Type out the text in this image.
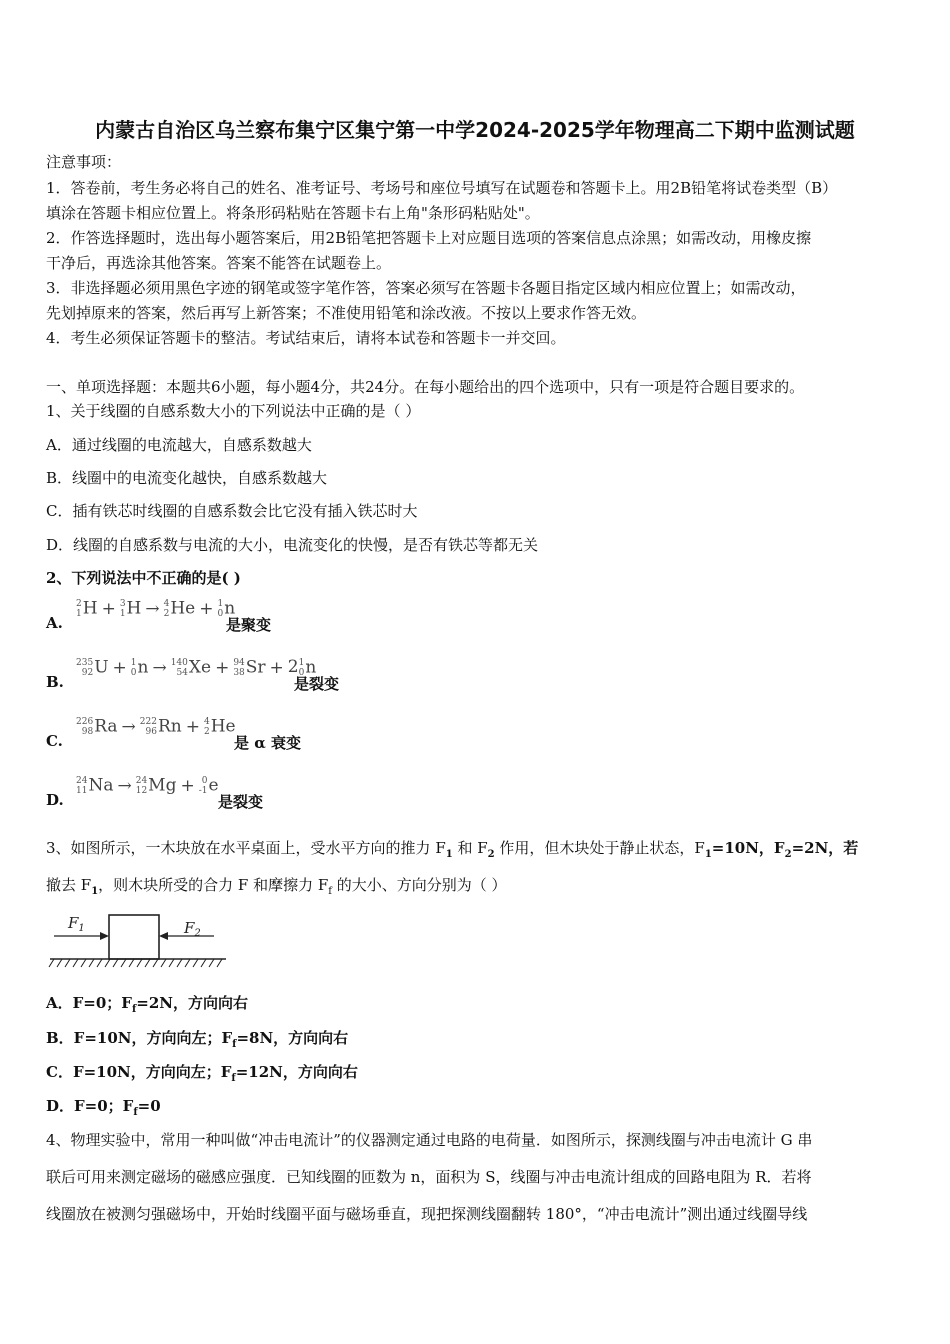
内蒙古自治区乌兰察布集宁区集宁第一中学2024-2025学年物理高二下期中监测试题
注意事项：
1．答卷前，考生务必将自己的姓名、准考证号、考场号和座位号填写在试题卷和答题卡上。用2B铅笔将试卷类型（B）
填涂在答题卡相应位置上。将条形码粘贴在答题卡右上角"条形码粘贴处"。
2．作答选择题时，选出每小题答案后，用2B铅笔把答题卡上对应题目选项的答案信息点涂黑；如需改动，用橡皮擦
干净后，再选涂其他答案。答案不能答在试题卷上。
3．非选择题必须用黑色字迹的钢笔或签字笔作答，答案必须写在答题卡各题目指定区域内相应位置上；如需改动，
先划掉原来的答案，然后再写上新答案；不准使用铅笔和涂改液。不按以上要求作答无效。
4．考生必须保证答题卡的整洁。考试结束后，请将本试卷和答题卡一并交回。
一、单项选择题：本题共6小题，每小题4分，共24分。在每小题给出的四个选项中，只有一项是符合题目要求的。
1、关于线圈的自感系数大小的下列说法中正确的是（ ）
A．通过线圈的电流越大，自感系数越大
B．线圈中的电流变化越快，自感系数越大
C．插有铁芯时线圈的自感系数会比它没有插入铁芯时大
D．线圈的自感系数与电流的大小，电流变化的快慢，是否有铁芯等都无关
2、下列说法中不正确的是( )
A.
2
1 H + 3
1 H → 4
2 He + 1
0 n
是聚变
B.
235
92 U + 1
0 n → 140
54 Xe + 94
38 Sr + 2 1
0 n
是裂变
C.
226
98 Ra → 222
96 Rn + 4
2 He
是 α 衰变
D.
24
11 Na → 24
12 Mg + 0
-1 e
是裂变
3、如图所示，一木块放在水平桌面上，受水平方向的推力 $F_1$ 和 $F_2$ 作用，但木块处于静止状态，$F_1=10N$，$F_2=2N$，若
撤去 $F_1$，则木块所受的合力 F 和摩擦力 $F_f$ 的大小、方向分别为（ ）
$F_1$	$F_2$
A．F=0；$F_f=2N$，方向向右
B．F=10N，方向向左；$F_f=8N$，方向向右
C．F=10N，方向向左；$F_f=12N$，方向向右
D．F=0；$F_f=0$
4、物理实验中，常用一种叫做“冲击电流计”的仪器测定通过电路的电荷量．如图所示，探测线圈与冲击电流计 G 串
联后可用来测定磁场的磁感应强度．已知线圈的匝数为 n，面积为 S，线圈与冲击电流计组成的回路电阻为 R．若将
线圈放在被测匀强磁场中，开始时线圈平面与磁场垂直，现把探测线圈翻转 180°，“冲击电流计”测出通过线圈导线
